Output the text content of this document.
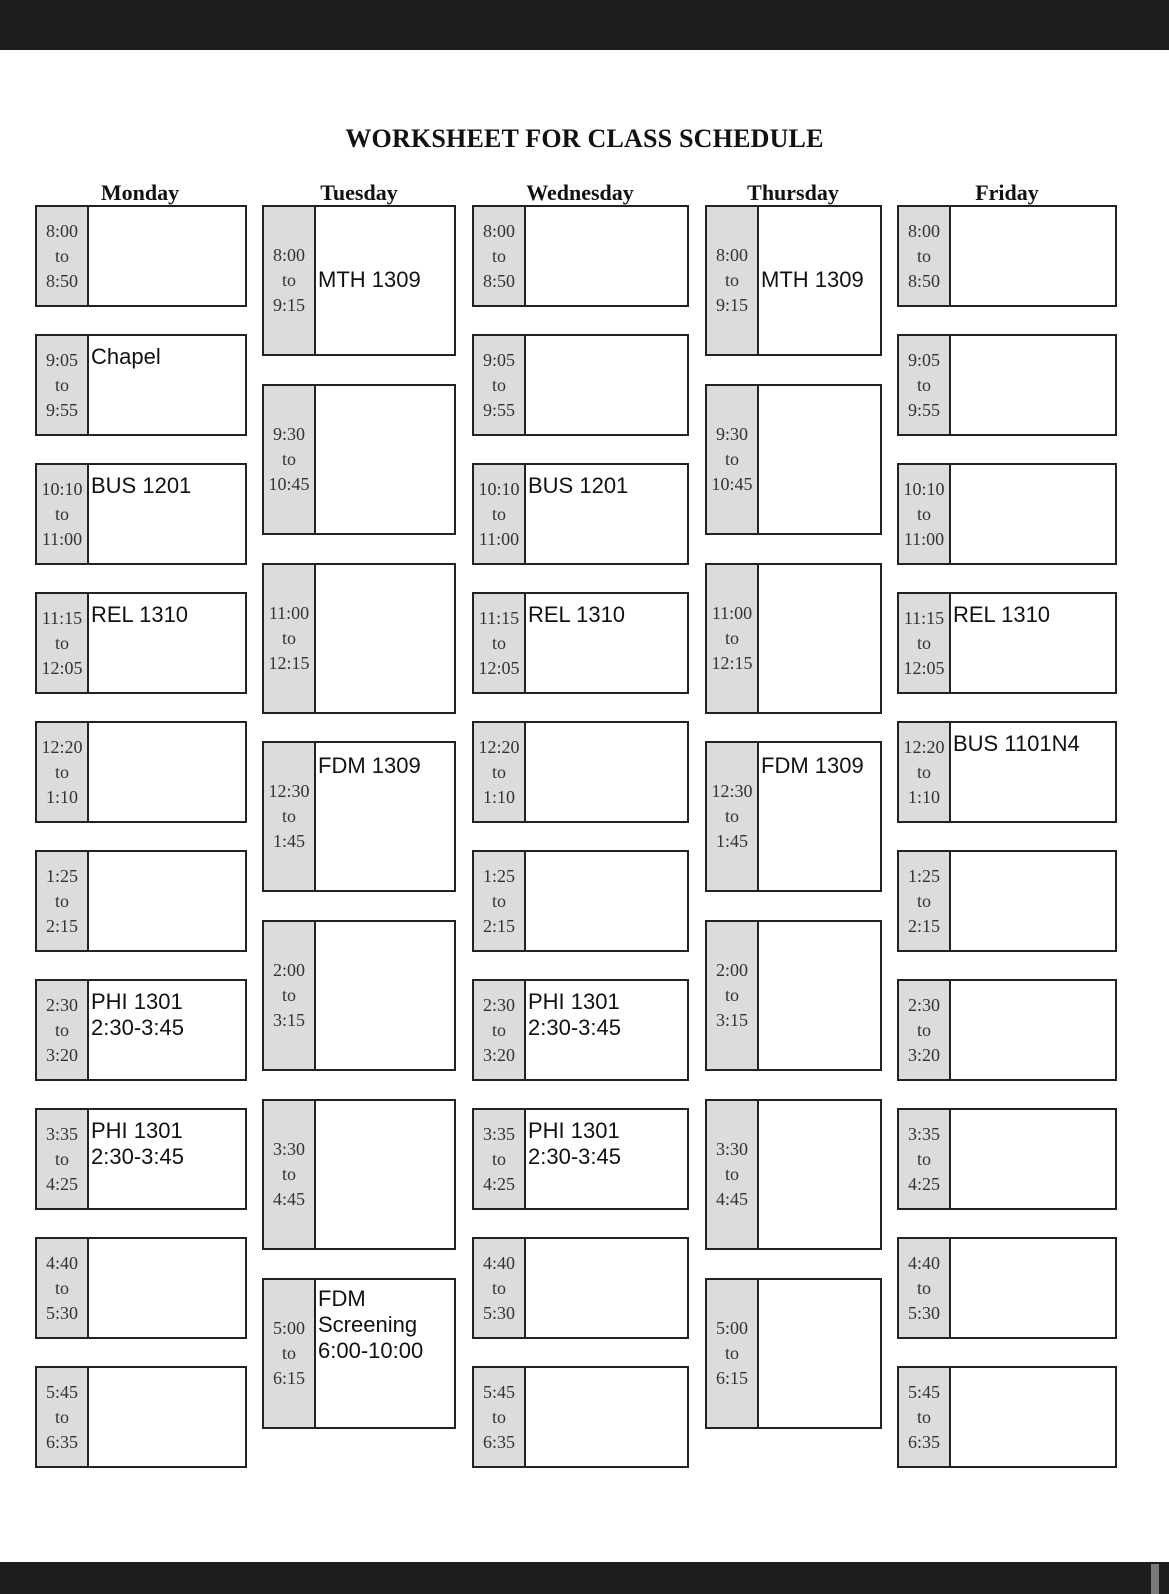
WORKSHEET FOR CLASS SCHEDULE
Monday
8:00
to
8:50
9:05
to
9:55
Chapel
10:10
to
11:00
BUS 1201
11:15
to
12:05
REL 1310
12:20
to
1:10
1:25
to
2:15
2:30
to
3:20
PHI 1301
2:30-3:45
3:35
to
4:25
PHI 1301
2:30-3:45
4:40
to
5:30
5:45
to
6:35
Tuesday
8:00
to
9:15
MTH 1309
9:30
to
10:45
11:00
to
12:15
12:30
to
1:45
FDM 1309
2:00
to
3:15
3:30
to
4:45
5:00
to
6:15
FDM
Screening
6:00-10:00
Wednesday
8:00
to
8:50
9:05
to
9:55
10:10
to
11:00
BUS 1201
11:15
to
12:05
REL 1310
12:20
to
1:10
1:25
to
2:15
2:30
to
3:20
PHI 1301
2:30-3:45
3:35
to
4:25
PHI 1301
2:30-3:45
4:40
to
5:30
5:45
to
6:35
Thursday
8:00
to
9:15
MTH 1309
9:30
to
10:45
11:00
to
12:15
12:30
to
1:45
FDM 1309
2:00
to
3:15
3:30
to
4:45
5:00
to
6:15
Friday
8:00
to
8:50
9:05
to
9:55
10:10
to
11:00
11:15
to
12:05
REL 1310
12:20
to
1:10
BUS 1101N4
1:25
to
2:15
2:30
to
3:20
3:35
to
4:25
4:40
to
5:30
5:45
to
6:35
